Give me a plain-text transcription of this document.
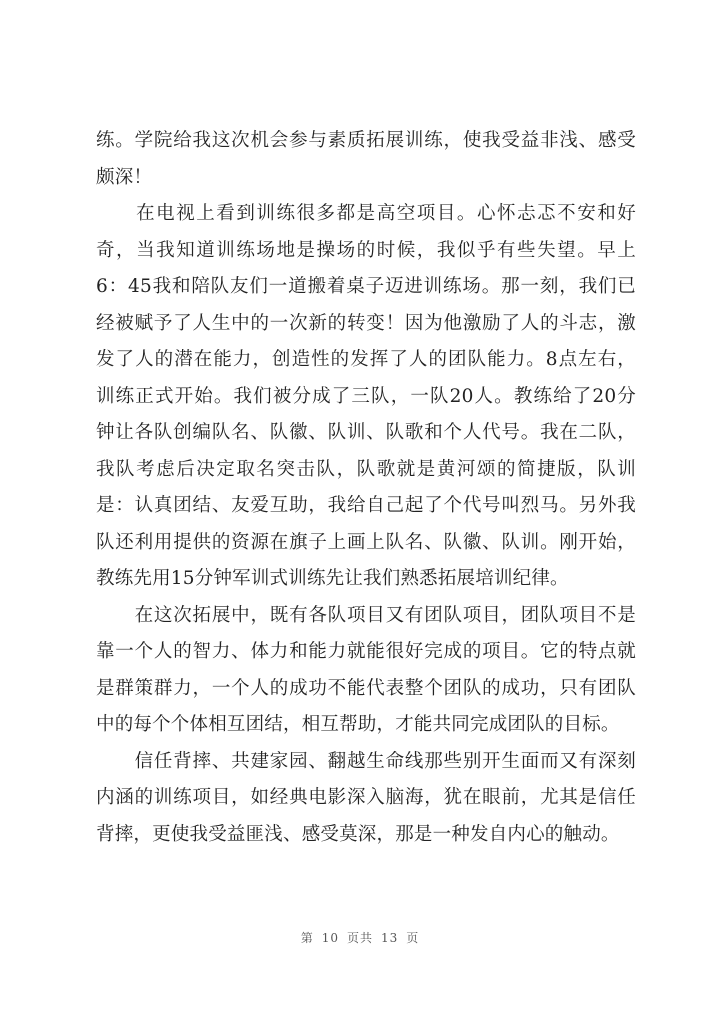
练。学院给我这次机会参与素质拓展训练，使我受益非浅、感受
颇深！
　　在电视上看到训练很多都是高空项目。心怀忐忑不安和好
奇，当我知道训练场地是操场的时候，我似乎有些失望。早上
6：45我和陪队友们一道搬着桌子迈进训练场。那一刻，我们已
经被赋予了人生中的一次新的转变！因为他激励了人的斗志，激
发了人的潜在能力，创造性的发挥了人的团队能力。8点左右，
训练正式开始。我们被分成了三队，一队20人。教练给了20分
钟让各队创编队名、队徽、队训、队歌和个人代号。我在二队，
我队考虑后决定取名突击队，队歌就是黄河颂的简捷版，队训
是：认真团结、友爱互助，我给自己起了个代号叫烈马。另外我
队还利用提供的资源在旗子上画上队名、队徽、队训。刚开始，
教练先用15分钟军训式训练先让我们熟悉拓展培训纪律。
　　在这次拓展中，既有各队项目又有团队项目，团队项目不是
靠一个人的智力、体力和能力就能很好完成的项目。它的特点就
是群策群力，一个人的成功不能代表整个团队的成功，只有团队
中的每个个体相互团结，相互帮助，才能共同完成团队的目标。
　　信任背摔、共建家园、翻越生命线那些别开生面而又有深刻
内涵的训练项目，如经典电影深入脑海，犹在眼前，尤其是信任
背摔，更使我受益匪浅、感受莫深，那是一种发自内心的触动。
第 10 页共 13 页
